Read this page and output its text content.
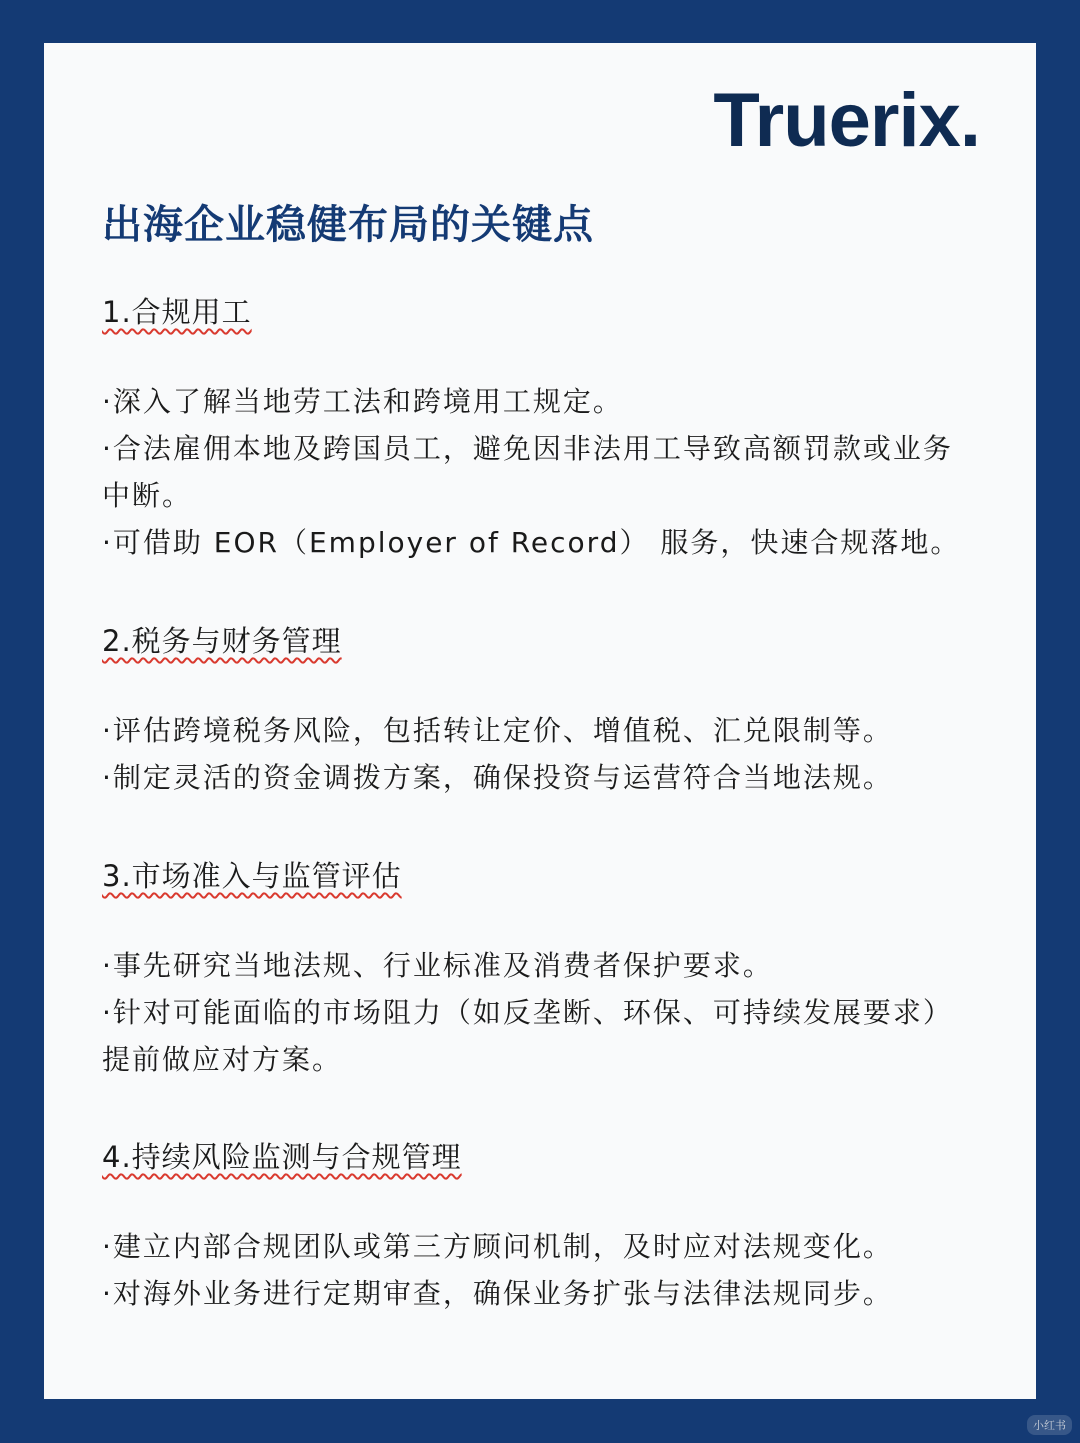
Truerix.
出海企业稳健布局的关键点
1.合规用工

·深入了解当地劳工法和跨境用工规定。

·合法雇佣本地及跨国员工，避免因非法用工导致高额罚款或业务中断。

·可借助 EOR（Employer of Record） 服务，快速合规落地。

2.税务与财务管理

·评估跨境税务风险，包括转让定价、增值税、汇兑限制等。

·制定灵活的资金调拨方案，确保投资与运营符合当地法规。

3.市场准入与监管评估

·事先研究当地法规、行业标准及消费者保护要求。

·针对可能面临的市场阻力（如反垄断、环保、可持续发展要求）提前做应对方案。

4.持续风险监测与合规管理

·建立内部合规团队或第三方顾问机制，及时应对法规变化。

·对海外业务进行定期审查，确保业务扩张与法律法规同步。

小红书
